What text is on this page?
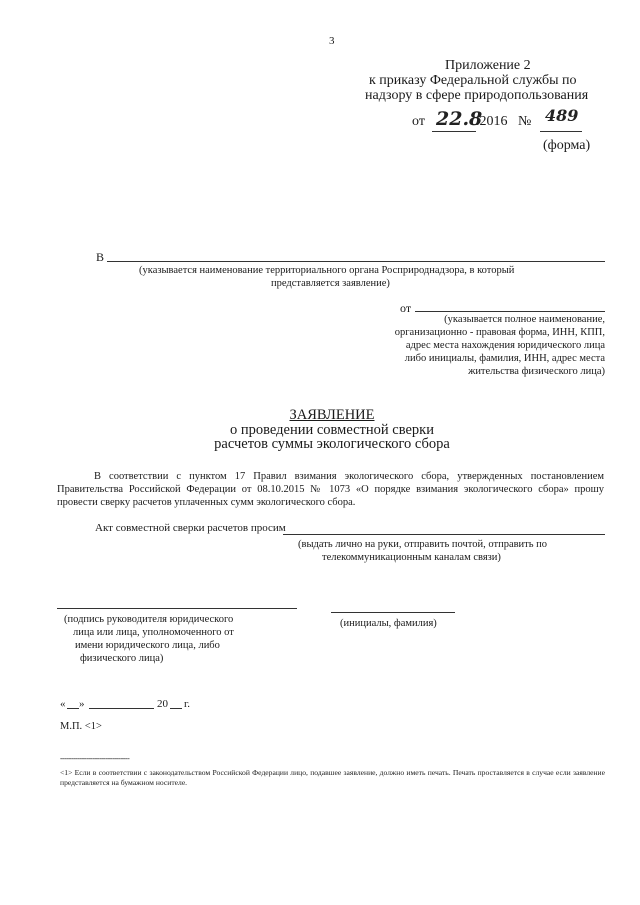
3
Приложение 2
к приказу Федеральной службы по
надзору в сфере природопользования
от 22.8
.2016 № 489
(форма)
В
(указывается наименование территориального органа Росприроднадзора, в который
представляется заявление)
от
(указывается полное наименование,
организационно - правовая форма, ИНН, КПП,
адрес места нахождения юридического лица
либо инициалы, фамилия, ИНН, адрес места
жительства физического лица)
ЗАЯВЛЕНИЕ
о проведении совместной сверки
расчетов суммы экологического сбора
В соответствии с пунктом 17 Правил взимания экологического сбора, утвержденных постановлением Правительства Российской Федерации от 08.10.2015 № 1073 «О порядке взимания экологического сбора» прошу провести сверку расчетов уплаченных сумм экологического сбора.
Акт совместной сверки расчетов просим
(выдать лично на руки, отправить почтой, отправить по
телекоммуникационным каналам связи)
(подпись руководителя юридического
лица или лица, уполномоченного от
имени юридического лица, либо
физического лица)
(инициалы, фамилия)
« »	20 г.
М.П. <1>
--------------------------------
<1> Если в соответствии с законодательством Российской Федерации лицо, подавшее заявление, должно иметь печать. Печать проставляется в случае если заявление представляется на бумажном носителе.
